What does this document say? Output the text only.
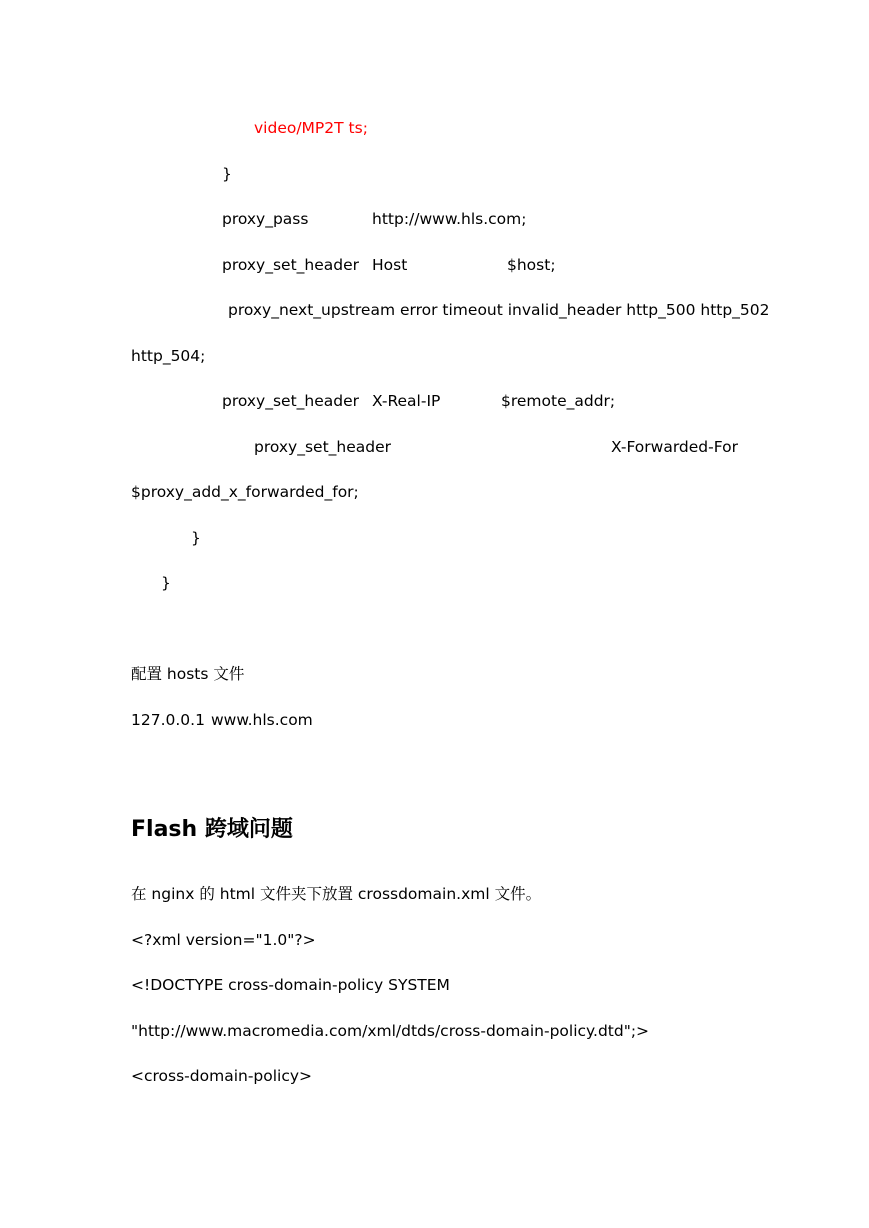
video/MP2T ts;
}
proxy_pass	http://www.hls.com;
proxy_set_header Host	$host;
proxy_next_upstream error timeout invalid_header http_500 http_502
http_504;
proxy_set_header X-Real-IP	$remote_addr;
proxy_set_header	X-Forwarded-For
$proxy_add_x_forwarded_for;
}
}
配置 hosts 文件
127.0.0.1 www.hls.com
Flash 跨域问题
在 nginx 的 html 文件夹下放置 crossdomain.xml 文件。
<?xml version="1.0"?>
<!DOCTYPE cross-domain-policy SYSTEM
"http://www.macromedia.com/xml/dtds/cross-domain-policy.dtd";>
<cross-domain-policy>
